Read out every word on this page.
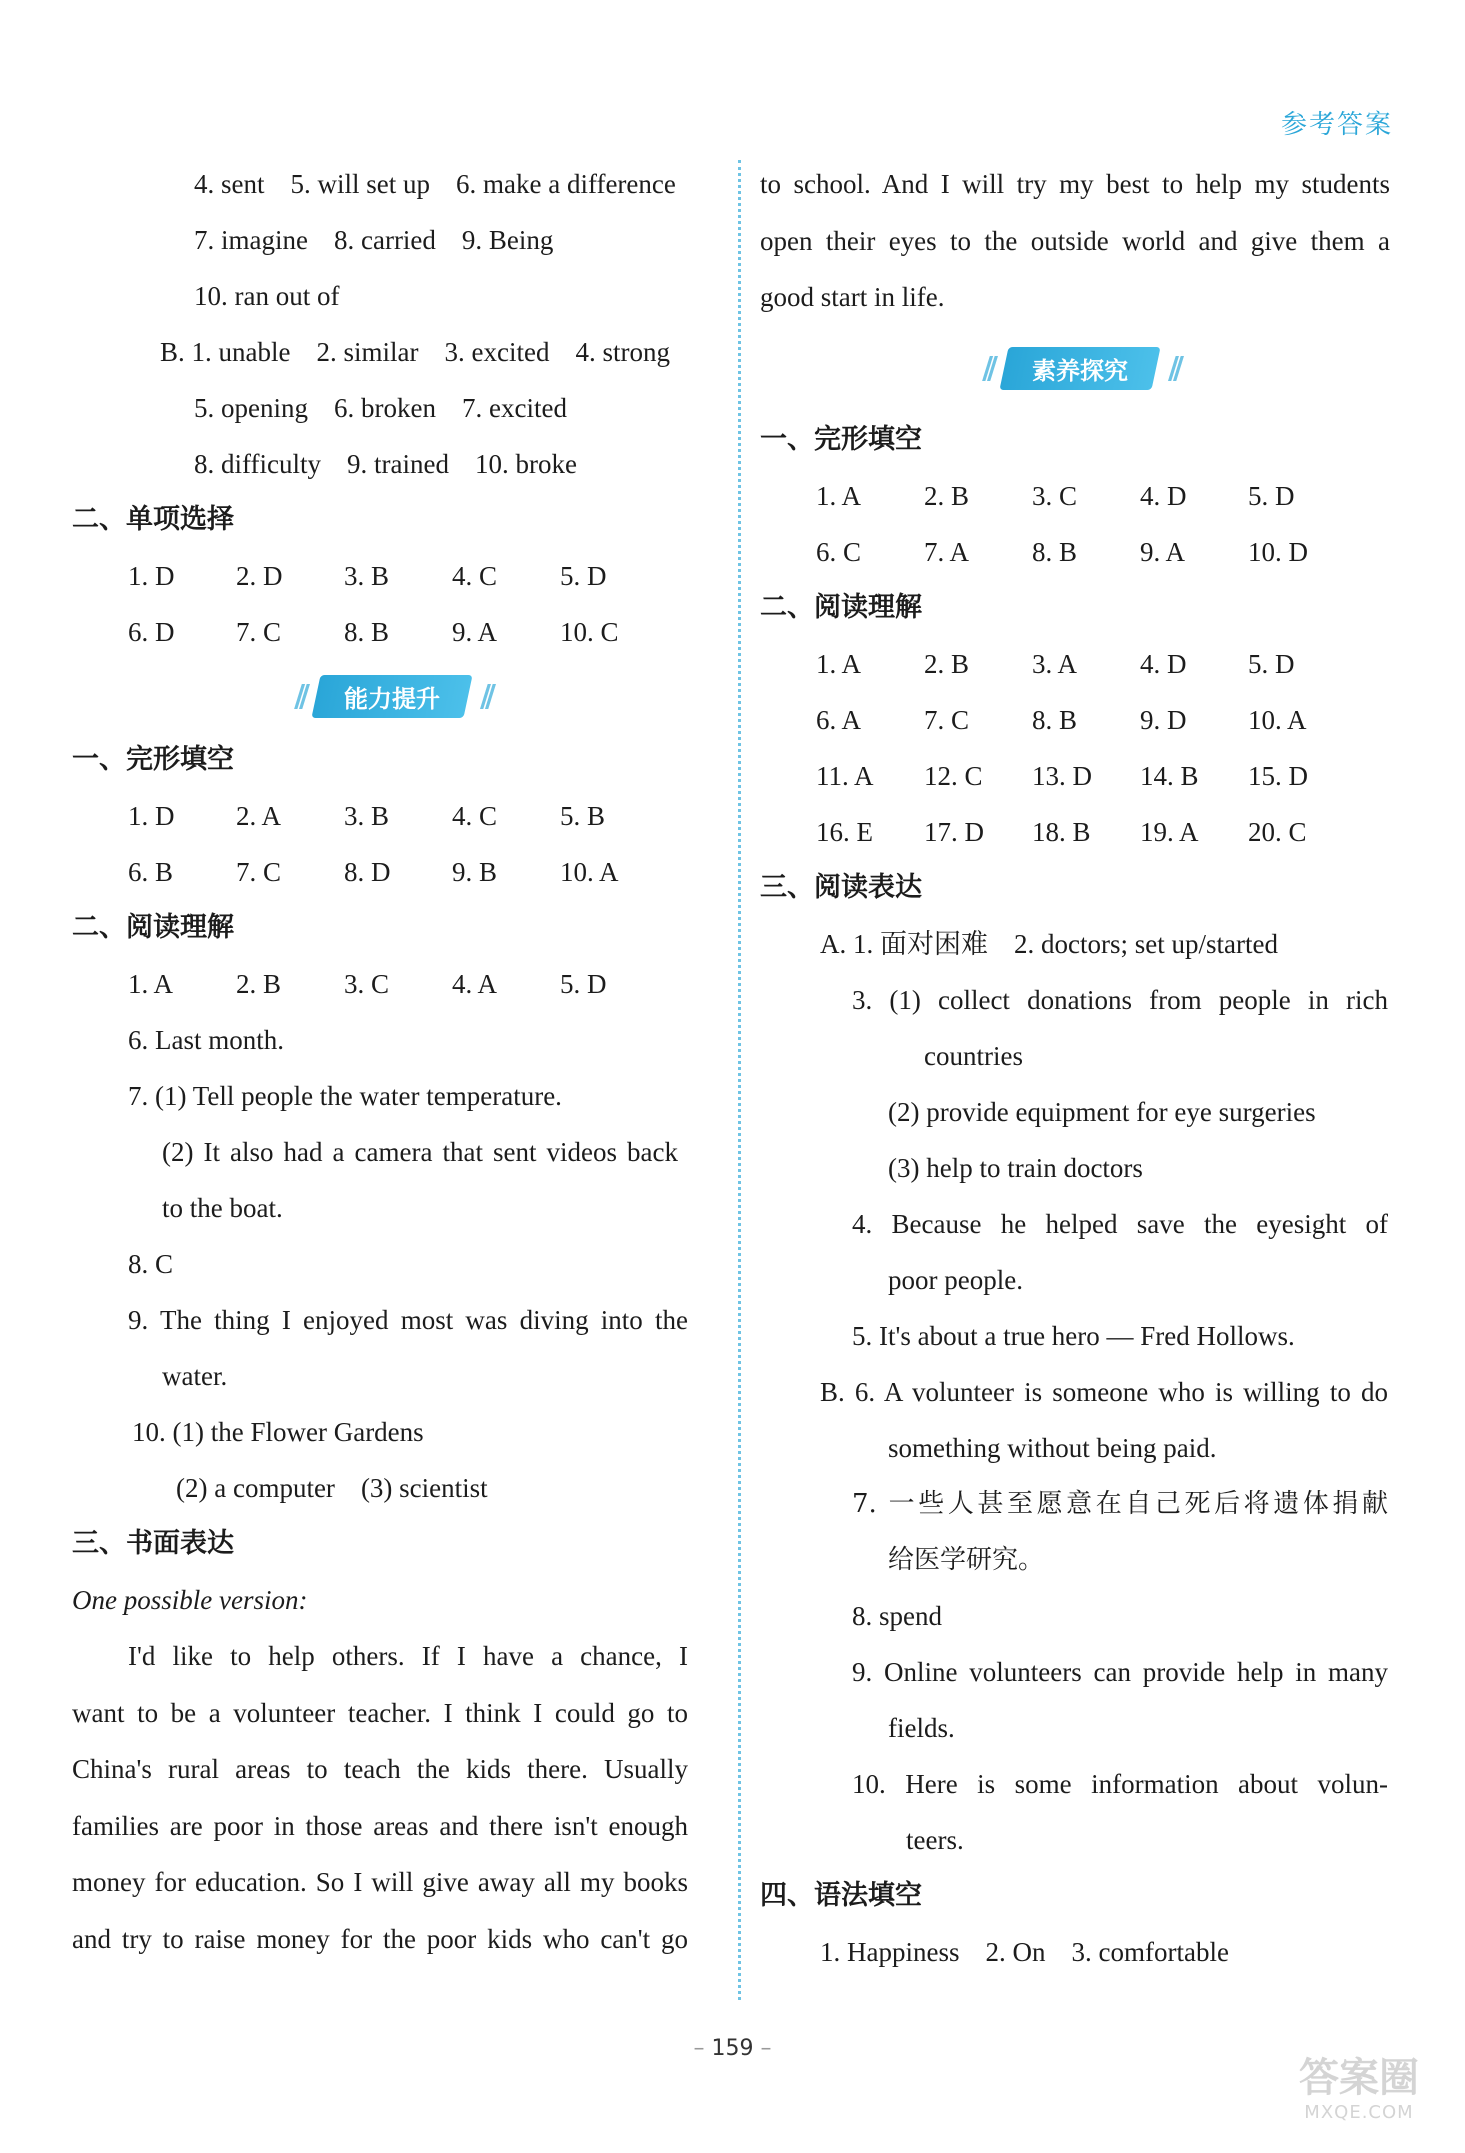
参考答案
4. sent 5. will set up 6. make a difference
7. imagine 8. carried 9. Being
10. ran out of
B. 1. unable 2. similar 3. excited 4. strong
5. opening 6. broken 7. excited
8. difficulty 9. trained 10. broke
二、单项选择
1. D	2. D	3. B	4. C	5. D
6. D	7. C	8. B	9. A	10. C
//	能力提升	//
一、完形填空
1. D	2. A	3. B	4. C	5. B
6. B	7. C	8. D	9. B	10. A
二、阅读理解
1. A	2. B	3. C	4. A	5. D
6. Last month.
7. (1) Tell people the water temperature.
(2) It also had a camera that sent videos back
to the boat.
8. C
9. The thing I enjoyed most was diving into the
water.
10. (1) the Flower Gardens
(2) a computer (3) scientist
三、书面表达
One possible version:
I'd like to help others. If I have a chance, I
want to be a volunteer teacher. I think I could go to
China's rural areas to teach the kids there. Usually
families are poor in those areas and there isn't enough
money for education. So I will give away all my books
and try to raise money for the poor kids who can't go
to school. And I will try my best to help my students
open their eyes to the outside world and give them a
good start in life.
//	素养探究	//
一、完形填空
1. A	2. B	3. C	4. D	5. D
6. C	7. A	8. B	9. A	10. D
二、阅读理解
1. A	2. B	3. A	4. D	5. D
6. A	7. C	8. B	9. D	10. A
11. A	12. C	13. D	14. B	15. D
16. E	17. D	18. B	19. A	20. C
三、阅读表达
A. 1. 面对困难 2. doctors; set up/started
3. (1) collect donations from people in rich
countries
(2) provide equipment for eye surgeries
(3) help to train doctors
4. Because he helped save the eyesight of
poor people.
5. It's about a true hero — Fred Hollows.
B. 6. A volunteer is someone who is willing to do
something without being paid.
7. 一些人甚至愿意在自己死后将遗体捐献
给医学研究。
8. spend
9. Online volunteers can provide help in many
fields.
10. Here is some information about volun-
teers.
四、语法填空
1. Happiness 2. On 3. comfortable
– 159 –
答案圈
MXQE.COM
